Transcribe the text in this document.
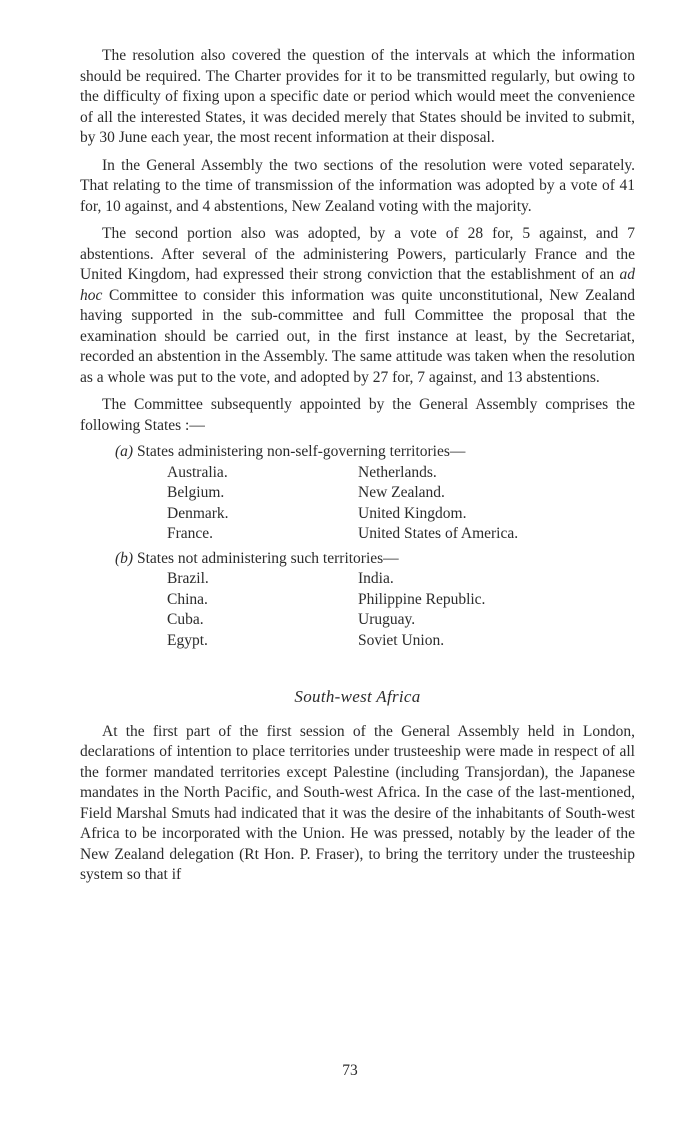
The resolution also covered the question of the intervals at which the information should be required. The Charter provides for it to be transmitted regularly, but owing to the difficulty of fixing upon a specific date or period which would meet the convenience of all the interested States, it was decided merely that States should be invited to submit, by 30 June each year, the most recent information at their disposal.

In the General Assembly the two sections of the resolution were voted separately. That relating to the time of transmission of the information was adopted by a vote of 41 for, 10 against, and 4 abstentions, New Zealand voting with the majority.

The second portion also was adopted, by a vote of 28 for, 5 against, and 7 abstentions. After several of the administering Powers, particularly France and the United Kingdom, had expressed their strong conviction that the establishment of an ad hoc Committee to consider this information was quite unconstitutional, New Zealand having supported in the sub-committee and full Committee the proposal that the examination should be carried out, in the first instance at least, by the Secretariat, recorded an abstention in the Assembly. The same attitude was taken when the resolution as a whole was put to the vote, and adopted by 27 for, 7 against, and 13 abstentions.

The Committee subsequently appointed by the General Assembly comprises the following States :—

(a) States administering non-self-governing territories—
Australia.	Netherlands.
Belgium.	New Zealand.
Denmark.	United Kingdom.
France.	United States of America.
(b) States not administering such territories—
Brazil.	India.
China.	Philippine Republic.
Cuba.	Uruguay.
Egypt.	Soviet Union.
South-west Africa

At the first part of the first session of the General Assembly held in London, declarations of intention to place territories under trusteeship were made in respect of all the former mandated territories except Palestine (including Transjordan), the Japanese mandates in the North Pacific, and South-west Africa. In the case of the last-mentioned, Field Marshal Smuts had indicated that it was the desire of the inhabitants of South-west Africa to be incorporated with the Union. He was pressed, notably by the leader of the New Zealand delegation (Rt Hon. P. Fraser), to bring the territory under the trusteeship system so that if

73
